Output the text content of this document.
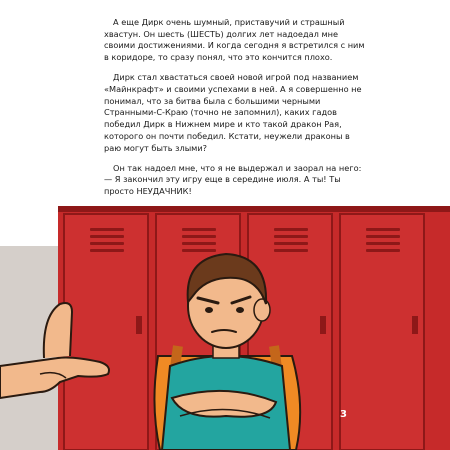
А еще Дирк очень шумный, приставучий и страшный хвастун. Он шесть (ШЕСТЬ) долгих лет надоедал мне своими достижениями. И когда сегодня я встретился с ним в коридоре, то сразу понял, что это кончится плохо.

Дирк стал хвастаться своей новой игрой под названием «Майнкрафт» и своими успехами в ней. А я совершенно не понимал, что за битва была с большими черными Странными-С-Краю (точно не запомнил), каких гадов победил Дирк в Нижнем мире и кто такой дракон Рая, которого он почти победил. Кстати, неужели драконы в раю могут быть злыми?

Он так надоел мне, что я не выдержал и заорал на него: — Я закончил эту игру еще в середине июля. А ты! Ты просто НЕУДАЧНИК!

3
